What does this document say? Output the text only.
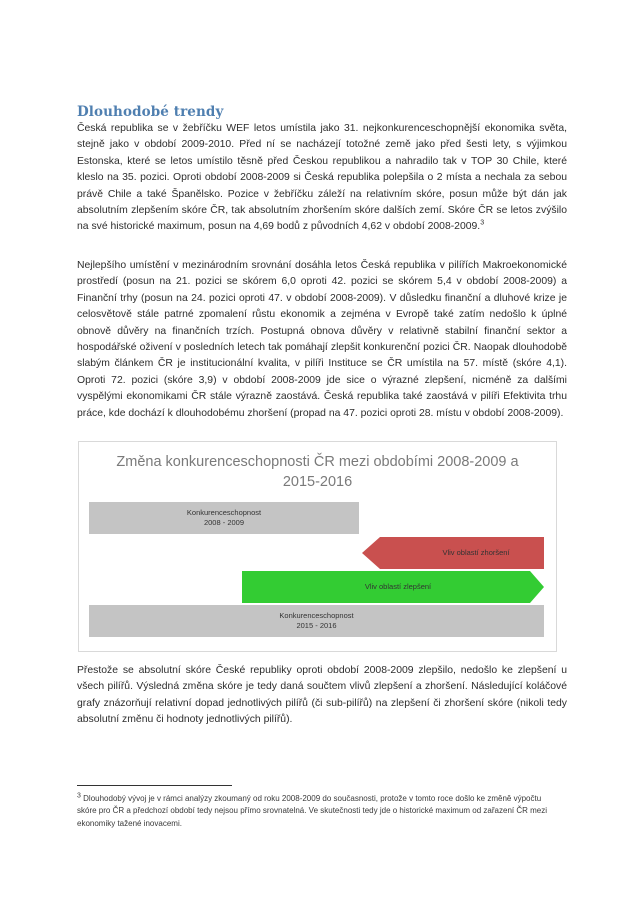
Dlouhodobé trendy
Česká republika se v žebříčku WEF letos umístila jako 31. nejkonkurenceschopnější ekonomika světa, stejně jako v období 2009-2010. Před ní se nacházejí totožné země jako před šesti lety, s výjimkou Estonska, které se letos umístilo těsně před Českou republikou a nahradilo tak v TOP 30 Chile, které kleslo na 35. pozici. Oproti období 2008-2009 si Česká republika polepšila o 2 místa a nechala za sebou právě Chile a také Španělsko. Pozice v žebříčku záleží na relativním skóre, posun může být dán jak absolutním zlepšením skóre ČR, tak absolutním zhoršením skóre dalších zemí. Skóre ČR se letos zvýšilo na své historické maximum, posun na 4,69 bodů z původních 4,62 v období 2008-2009.$^3$
Nejlepšího umístění v mezinárodním srovnání dosáhla letos Česká republika v pilířích Makroekonomické prostředí (posun na 21. pozici se skórem 6,0 oproti 42. pozici se skórem 5,4 v období 2008-2009) a Finanční trhy (posun na 24. pozici oproti 47. v období 2008-2009). V důsledku finanční a dluhové krize je celosvětově stále patrné zpomalení růstu ekonomik a zejména v Evropě také zatím nedošlo k úplné obnově důvěry na finančních trzích. Postupná obnova důvěry v relativně stabilní finanční sektor a hospodářské oživení v posledních letech tak pomáhají zlepšit konkurenční pozici ČR. Naopak dlouhodobě slabým článkem ČR je institucionální kvalita, v pilíři Instituce se ČR umístila na 57. místě (skóre 4,1). Oproti 72. pozici (skóre 3,9) v období 2008-2009 jde sice o výrazné zlepšení, nicméně za dalšími vyspělými ekonomikami ČR stále výrazně zaostává. Česká republika také zaostává v pilíři Efektivita trhu práce, kde dochází k dlouhodobému zhoršení (propad na 47. pozici oproti 28. místu v období 2008-2009).
Změna konkurenceschopnosti ČR mezi obdobími 2008-2009 a
2015-2016
Konkurenceschopnost
2008 - 2009
Vliv oblastí zhoršení
Vliv oblastí zlepšení
Konkurenceschopnost
2015 - 2016
Přestože se absolutní skóre České republiky oproti období 2008-2009 zlepšilo, nedošlo ke zlepšení u všech pilířů. Výsledná změna skóre je tedy daná součtem vlivů zlepšení a zhoršení. Následující koláčové grafy znázorňují relativní dopad jednotlivých pilířů (či sub-pilířů) na zlepšení či zhoršení skóre (nikoli tedy absolutní změnu či hodnoty jednotlivých pilířů).
$^3$ Dlouhodobý vývoj je v rámci analýzy zkoumaný od roku 2008-2009 do současnosti, protože v tomto roce došlo ke změně výpočtu skóre pro ČR a předchozí období tedy nejsou přímo srovnatelná. Ve skutečnosti tedy jde o historické maximum od zařazení ČR mezi ekonomiky tažené inovacemi.
